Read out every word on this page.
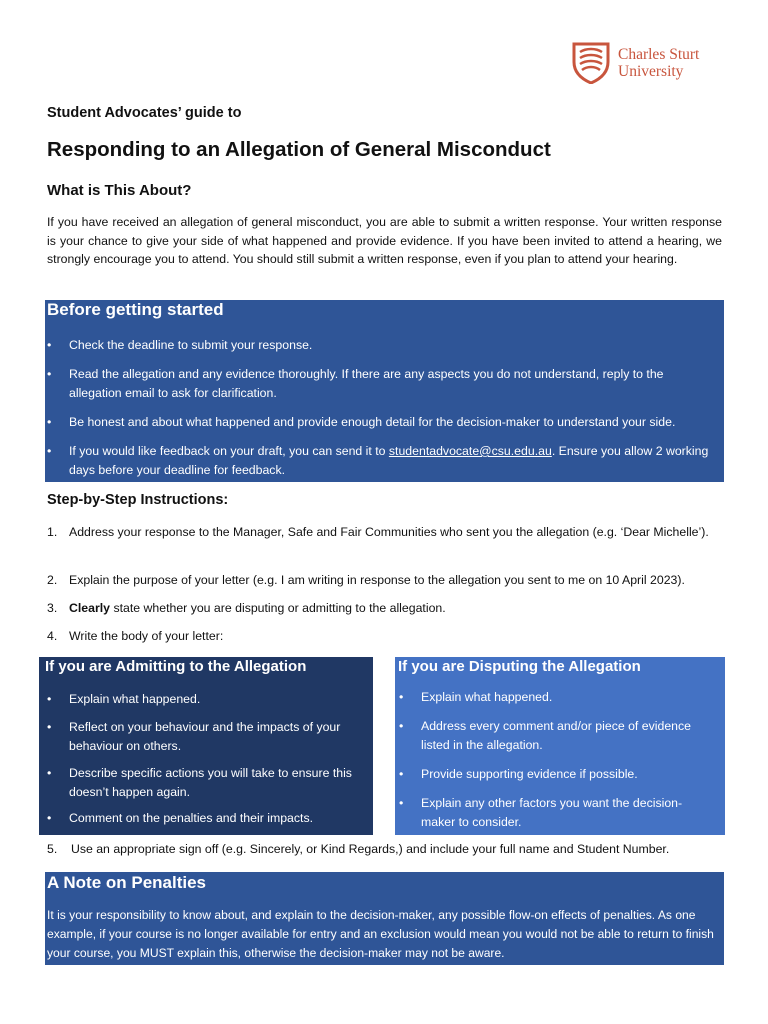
Charles Sturt
University
Student Advocates’ guide to
Responding to an Allegation of General Misconduct
What is This About?

If you have received an allegation of general misconduct, you are able to submit a written response. Your written response is your chance to give your side of what happened and provide evidence. If you have been invited to attend a hearing, we strongly encourage you to attend. You should still submit a written response, even if you plan to attend your hearing.

Before getting started
• Check the deadline to submit your response.
• Read the allegation and any evidence thoroughly. If there are any aspects you do not understand, reply to the allegation email to ask for clarification.
• Be honest and about what happened and provide enough detail for the decision-maker to understand your side.
• If you would like feedback on your draft, you can send it to studentadvocate@csu.edu.au. Ensure you allow 2 working days before your deadline for feedback.
Step-by-Step Instructions:
1. Address your response to the Manager, Safe and Fair Communities who sent you the allegation (e.g. ‘Dear Michelle’).
2. Explain the purpose of your letter (e.g. I am writing in response to the allegation you sent to me on 10 April 2023).
3. Clearly state whether you are disputing or admitting to the allegation.
4. Write the body of your letter:
If you are Admitting to the Allegation
• Explain what happened.
• Reflect on your behaviour and the impacts of your behaviour on others.
• Describe specific actions you will take to ensure this doesn’t happen again.
• Comment on the penalties and their impacts.
If you are Disputing the Allegation
• Explain what happened.
• Address every comment and/or piece of evidence listed in the allegation.
• Provide supporting evidence if possible.
• Explain any other factors you want the decision-maker to consider.
5. Use an appropriate sign off (e.g. Sincerely, or Kind Regards,) and include your full name and Student Number.
A Note on Penalties

It is your responsibility to know about, and explain to the decision-maker, any possible flow-on effects of penalties. As one example, if your course is no longer available for entry and an exclusion would mean you would not be able to return to finish your course, you MUST explain this, otherwise the decision-maker may not be aware.
